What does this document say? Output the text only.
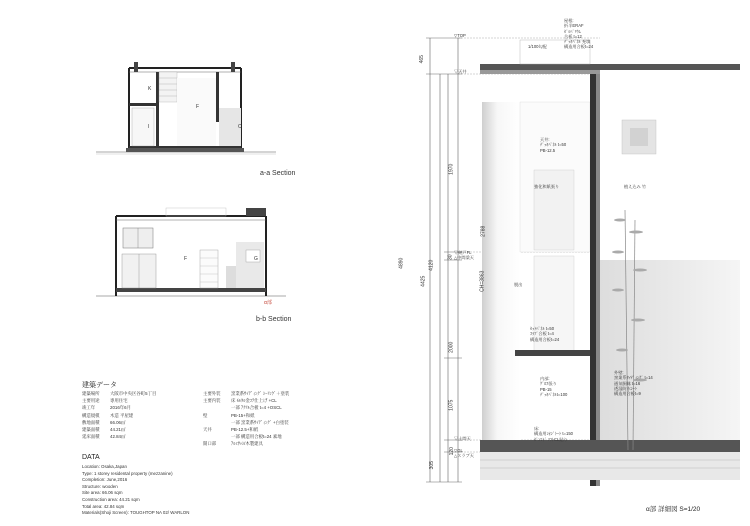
K
F
I	C
a-a Section
F	G
b-b Section
建築データ
建築場所	大阪市中央区谷町5丁目
主要用途	専用住宅
竣工年	2016年6月
構造規模	木造 平屋建
敷地面積	66.06㎡
建築面積	44.21㎡
延床面積	42.84㎡
主要外装	窯業系ｻｲﾃﾞｨﾝｸﾞ ｼｰﾘﾝｸﾞ＋塗装
主要内装	床 ﾓﾙﾀﾙ金ｺﾃ仕上げ +CL
一部 ｱｸﾘﾙ合板 t=4 +OSCL
壁	PB-15+和紙
一部 窯業系ｻｲﾃﾞｨﾝｸﾞ +白塗装
天井	PB-12.5+和紙
一部 構造用合板t=24 素地
開口部	ｱﾙﾐｻｯｼ/木製建具
DATA
Location: Osaka,Japan
Type: 1 storey residental property (mezzanine)
Completion: June,2016
Structure: wooden
Site area: 66.06 sqm
Construction area: 44.21 sqm
Total area: 42.84 sqm
Materials(Shoji Screen): TOUGHTOP NA 02/ WARLON
465
4890
4425
4120
1970
30
2000
1075
120
305
2788
CH=3863
▽TOP
▽天井
▽納戸FL
△中間梁天
▽土間天
▽GL
△スラブ天
1/100勾配
屋根:
折半ERAF
ｶﾞﾙﾊﾞﾘｳﾑ
合板 t=12
ﾃﾞｯｷﾊﾟﾈﾙ 充填
構造用合板t=24
天井:
ﾃﾞｯｷﾊﾟﾈﾙ t=50
PB-12.5
強化和紙張り	植え込み 竹
脱出
ｶｯﾄﾊﾟﾈﾙ t=50
ｽﾗﾌﾞ合板 t=4
構造用合板t=24
内部:
ｸﾞﾛｽ張り
PB-15
ﾃﾞｯｷﾊﾟﾈﾙt=100
床:
構造用ｼｵｼﾞﾄｰﾄ t=150
ｶﾞﾝﾏﾄﾞ ｿﾌﾄCL貼り
外壁:
窯業系ｻｲﾃﾞｨﾝｸﾞ t=14
通気胴縁 t=16
透湿防水ｼｰﾄ
構造用合板t=9
α部
α部 詳細図 S=1/20
